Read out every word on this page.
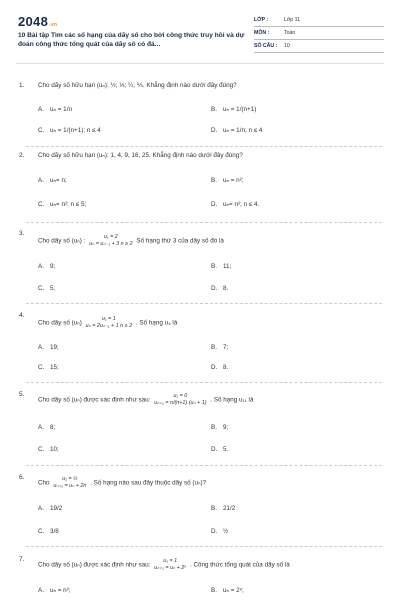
2048.vn
10 Bài tập Tìm các số hạng của dãy số cho bởi công thức truy hồi và dự đoán công thức tổng quát của dãy số có đá...
LỚP :	Lớp 11
MÔN :	Toán
SỐ CÂU :	10
1. Cho dãy số hữu hạn (uₙ): ½; ⅓; ¼; ⅕. Khẳng định nào dưới đây đúng?
A. uₙ = 1/n	B. uₙ = 1/(n+1)
C. uₙ = 1/(n+1); n ≤ 4	D. uₙ = 1/n; n ≤ 4
2. Cho dãy số hữu hạn (uₙ): 1, 4, 9, 16, 25. Khẳng định nào dưới đây đúng?
A. uₙ= n;	B. uₙ = n²;
C. uₙ= n²; n ≤ 5;	D. uₙ= n²; n ≤ 4.
3.
Cho dãy số (uₙ) :
u₁ = 2
uₙ = uₙ₋₁ + 3 n ≥ 2 Số hạng thứ 3 của dãy số đó là
A. 9;	B. 11;
C. 5;	D. 8.
4.
Cho dãy số (uₙ)
u₁ = 1
uₙ = 2uₙ₋₁ + 1 n ≥ 2 . Số hạng u₄ là
A. 19;	B. 7;
C. 15;	D. 8.
5.
Cho dãy số (uₙ) được xác định như sau:
u₁ = 0
uₙ₊₁ = n/(n+1) (uₙ + 1) . Số hạng u₁₁ là
A. 8;	B. 9;
C. 10;	D. 5.
6.
Cho
u₁ = ½
uₙ₊₁ = uₙ + 2n . Số hạng nào sau đây thuộc dãy số (uₙ)?
A. 19/2	B. 21/2
C. 3/8	D. ½
7.
Cho dãy số (uₙ) được xác định như sau:
u₁ = 1
uₙ₊₁ = uₙ + 2ⁿ . Công thức tổng quát của dãy số là
A. uₙ = n²;	B. uₙ = 2ⁿ;
